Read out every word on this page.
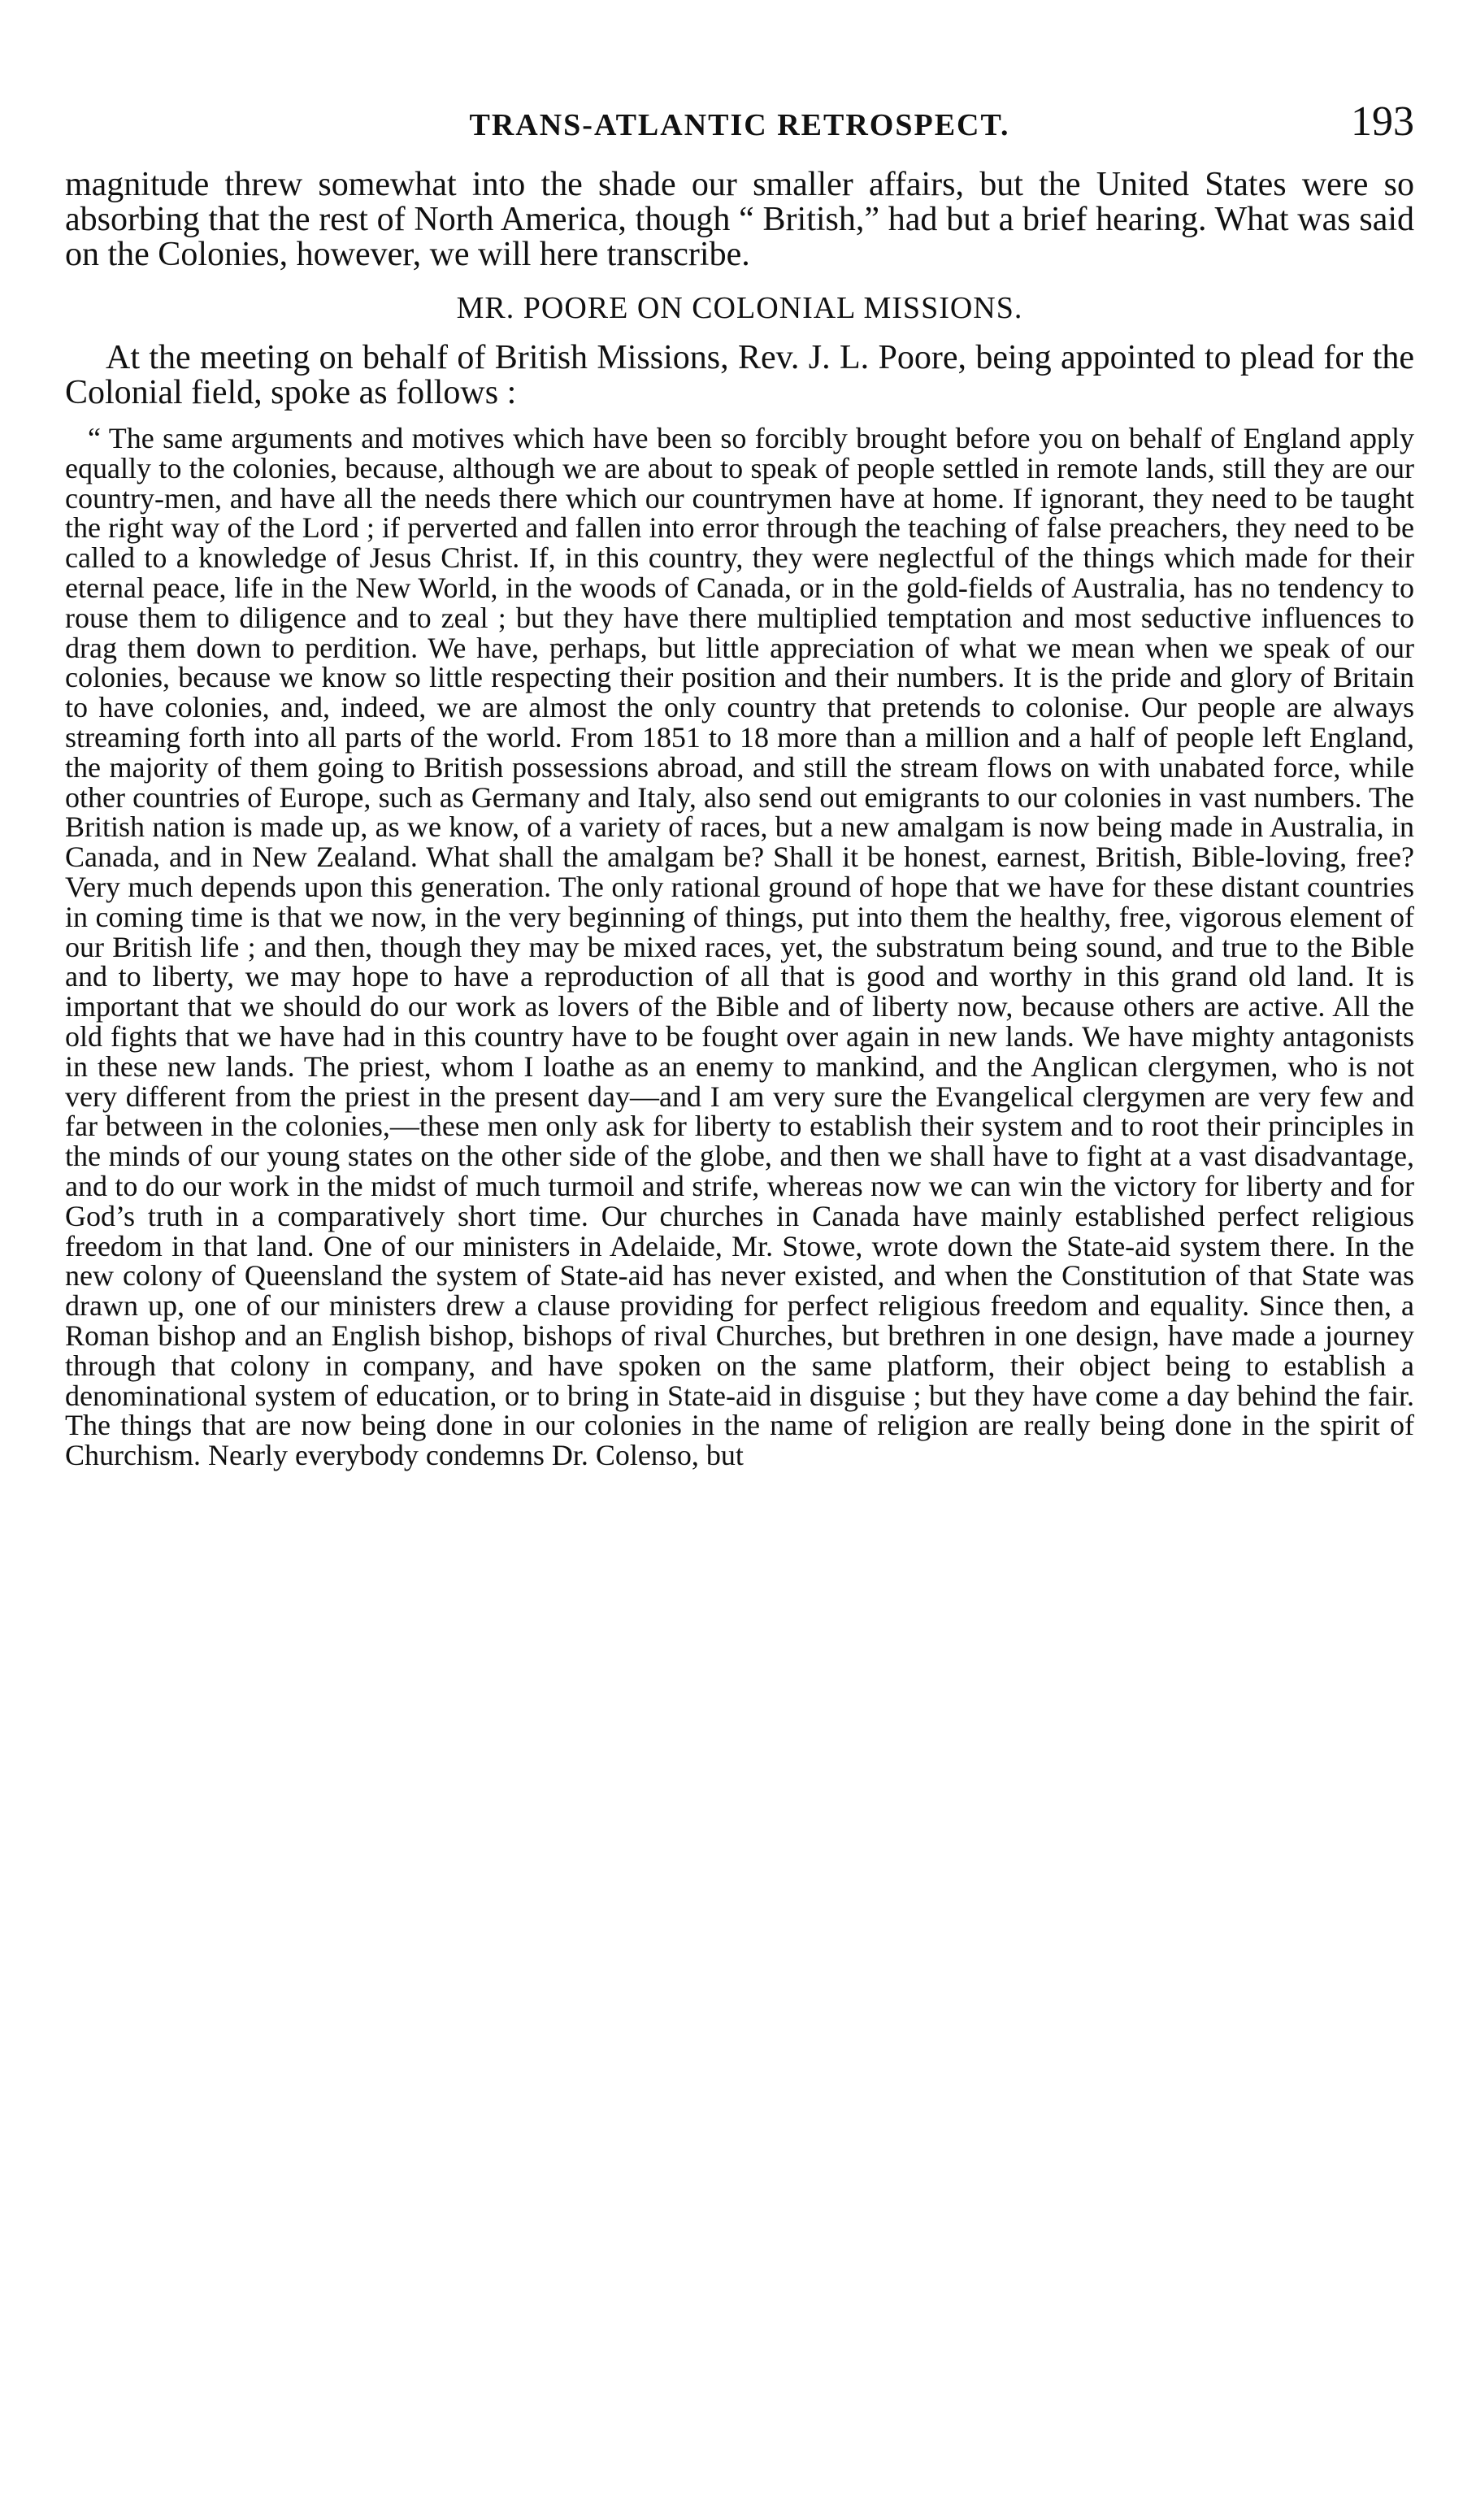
TRANS-ATLANTIC RETROSPECT.	193

magnitude threw somewhat into the shade our smaller affairs, but the United States were so absorbing that the rest of North America, though “ British,” had but a brief hearing. What was said on the Colonies, however, we will here transcribe.

MR. POORE ON COLONIAL MISSIONS.

At the meeting on behalf of British Missions, Rev. J. L. Poore, being appointed to plead for the Colonial field, spoke as follows :

“ The same arguments and motives which have been so forcibly brought before you on behalf of England apply equally to the colonies, because, although we are about to speak of people settled in remote lands, still they are our country-men, and have all the needs there which our countrymen have at home. If ignorant, they need to be taught the right way of the Lord ; if perverted and fallen into error through the teaching of false preachers, they need to be called to a knowledge of Jesus Christ. If, in this country, they were neglectful of the things which made for their eternal peace, life in the New World, in the woods of Canada, or in the gold-fields of Australia, has no tendency to rouse them to diligence and to zeal ; but they have there multiplied temptation and most seductive influences to drag them down to perdition. We have, perhaps, but little appreciation of what we mean when we speak of our colonies, because we know so little respecting their position and their numbers. It is the pride and glory of Britain to have colonies, and, indeed, we are almost the only country that pretends to colonise. Our people are always streaming forth into all parts of the world. From 1851 to 18 more than a million and a half of people left England, the majority of them going to British possessions abroad, and still the stream flows on with unabated force, while other countries of Europe, such as Germany and Italy, also send out emigrants to our colonies in vast numbers. The British nation is made up, as we know, of a variety of races, but a new amalgam is now being made in Australia, in Canada, and in New Zealand. What shall the amalgam be? Shall it be honest, earnest, British, Bible-loving, free? Very much depends upon this generation. The only rational ground of hope that we have for these distant countries in coming time is that we now, in the very beginning of things, put into them the healthy, free, vigorous element of our British life ; and then, though they may be mixed races, yet, the substratum being sound, and true to the Bible and to liberty, we may hope to have a reproduction of all that is good and worthy in this grand old land. It is important that we should do our work as lovers of the Bible and of liberty now, because others are active. All the old fights that we have had in this country have to be fought over again in new lands. We have mighty antagonists in these new lands. The priest, whom I loathe as an enemy to mankind, and the Anglican clergymen, who is not very different from the priest in the present day—and I am very sure the Evangelical clergymen are very few and far between in the colonies,—these men only ask for liberty to establish their system and to root their principles in the minds of our young states on the other side of the globe, and then we shall have to fight at a vast disadvantage, and to do our work in the midst of much turmoil and strife, whereas now we can win the victory for liberty and for God’s truth in a comparatively short time. Our churches in Canada have mainly established perfect religious freedom in that land. One of our ministers in Adelaide, Mr. Stowe, wrote down the State-aid system there. In the new colony of Queensland the system of State-aid has never existed, and when the Constitution of that State was drawn up, one of our ministers drew a clause providing for perfect religious freedom and equality. Since then, a Roman bishop and an English bishop, bishops of rival Churches, but brethren in one design, have made a journey through that colony in company, and have spoken on the same platform, their object being to establish a denominational system of education, or to bring in State-aid in disguise ; but they have come a day behind the fair. The things that are now being done in our colonies in the name of religion are really being done in the spirit of Churchism. Nearly everybody condemns Dr. Colenso, but
